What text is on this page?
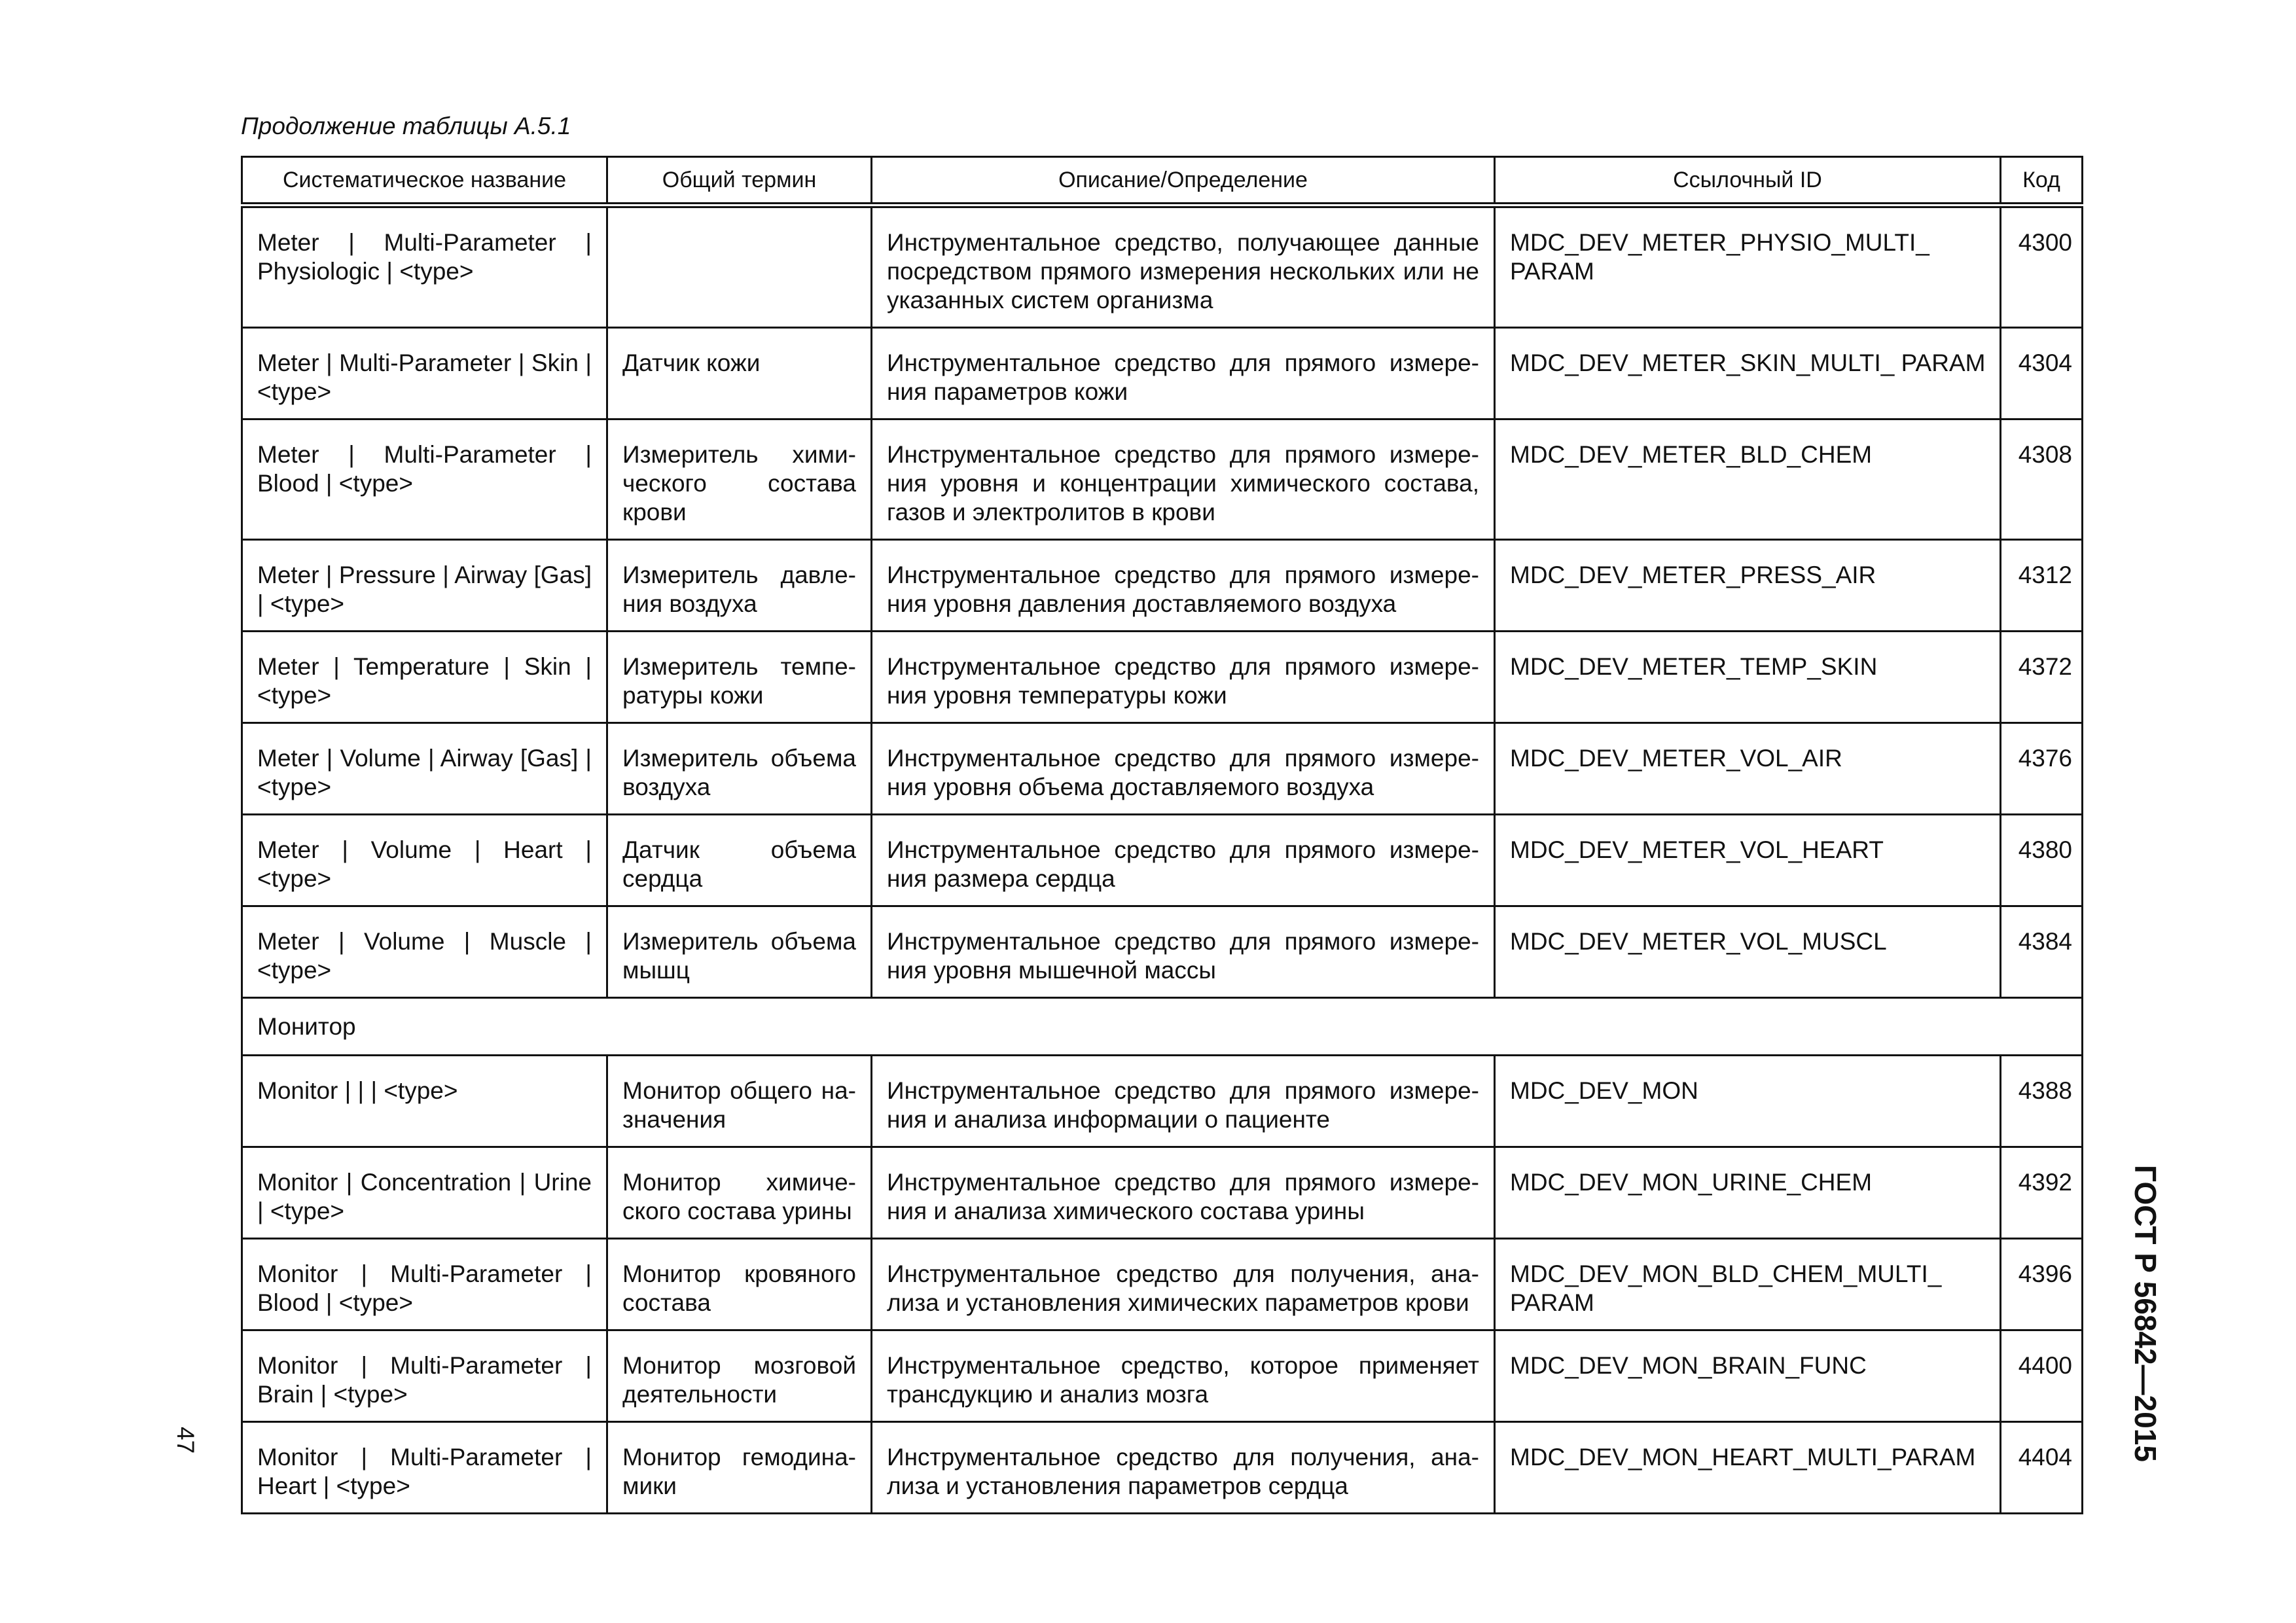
Продолжение таблицы А.5.1
Систематическое название	Общий термин	Описание/Определение	Ссылочный ID	Код
Meter | Multi-Parameter | Physiologic | <type>		Инструментальное средство, получающее данные посредством прямого измерения нескольких или не указанных систем организма	MDC_DEV_METER_PHYSIO_MULTI_ PARAM	4300
Meter | Multi-Parameter | Skin | <type>	Датчик кожи	Инструментальное средство для прямого измерения параметров кожи	MDC_DEV_METER_SKIN_MULTI_ PARAM	4304
Meter | Multi-Parameter | Blood | <type>	Измеритель химического состава крови	Инструментальное средство для прямого измерения уровня и концентрации химического состава, газов и электролитов в крови	MDC_DEV_METER_BLD_CHEM	4308
Meter | Pressure | Airway [Gas] | <type>	Измеритель давления воздуха	Инструментальное средство для прямого измерения уровня давления доставляемого воздуха	MDC_DEV_METER_PRESS_AIR	4312
Meter | Temperature | Skin | <type>	Измеритель температуры кожи	Инструментальное средство для прямого измерения уровня температуры кожи	MDC_DEV_METER_TEMP_SKIN	4372
Meter | Volume | Airway [Gas] | <type>	Измеритель объема воздуха	Инструментальное средство для прямого измерения уровня объема доставляемого воздуха	MDC_DEV_METER_VOL_AIR	4376
Meter | Volume | Heart | <type>	Датчик объема сердца	Инструментальное средство для прямого измерения размера сердца	MDC_DEV_METER_VOL_HEART	4380
Meter | Volume | Muscle | <type>	Измеритель объема мышц	Инструментальное средство для прямого измерения уровня мышечной массы	MDC_DEV_METER_VOL_MUSCL	4384
Монитор				
Monitor | | | <type>	Монитор общего назначения	Инструментальное средство для прямого измерения и анализа информации о пациенте	MDC_DEV_MON	4388
Monitor | Concentration | Urine | <type>	Монитор химического состава урины	Инструментальное средство для прямого измерения и анализа химического состава урины	MDC_DEV_MON_URINE_CHEM	4392
Monitor | Multi-Parameter | Blood | <type>	Монитор кровяного состава	Инструментальное средство для получения, анализа и установления химических параметров крови	MDC_DEV_MON_BLD_CHEM_MULTI_ PARAM	4396
Monitor | Multi-Parameter | Brain | <type>	Монитор мозговой деятельности	Инструментальное средство, которое применяет трансдукцию и анализ мозга	MDC_DEV_MON_BRAIN_FUNC	4400
Monitor | Multi-Parameter | Heart | <type>	Монитор гемодинамики	Инструментальное средство для получения, анализа и установления параметров сердца	MDC_DEV_MON_HEART_MULTI_PARAM	4404
47	ГОСТ Р 56842—2015
